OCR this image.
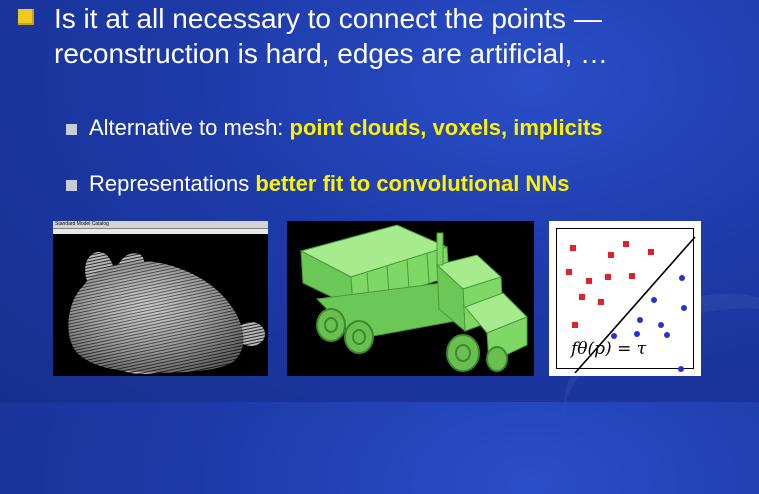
Is it at all necessary to connect the points —
reconstruction is hard, edges are artificial, …
Alternative to mesh: point clouds, voxels, implicits
Representations better fit to convolutional NNs
Standard Model Catalog
fθ(p) = τ
